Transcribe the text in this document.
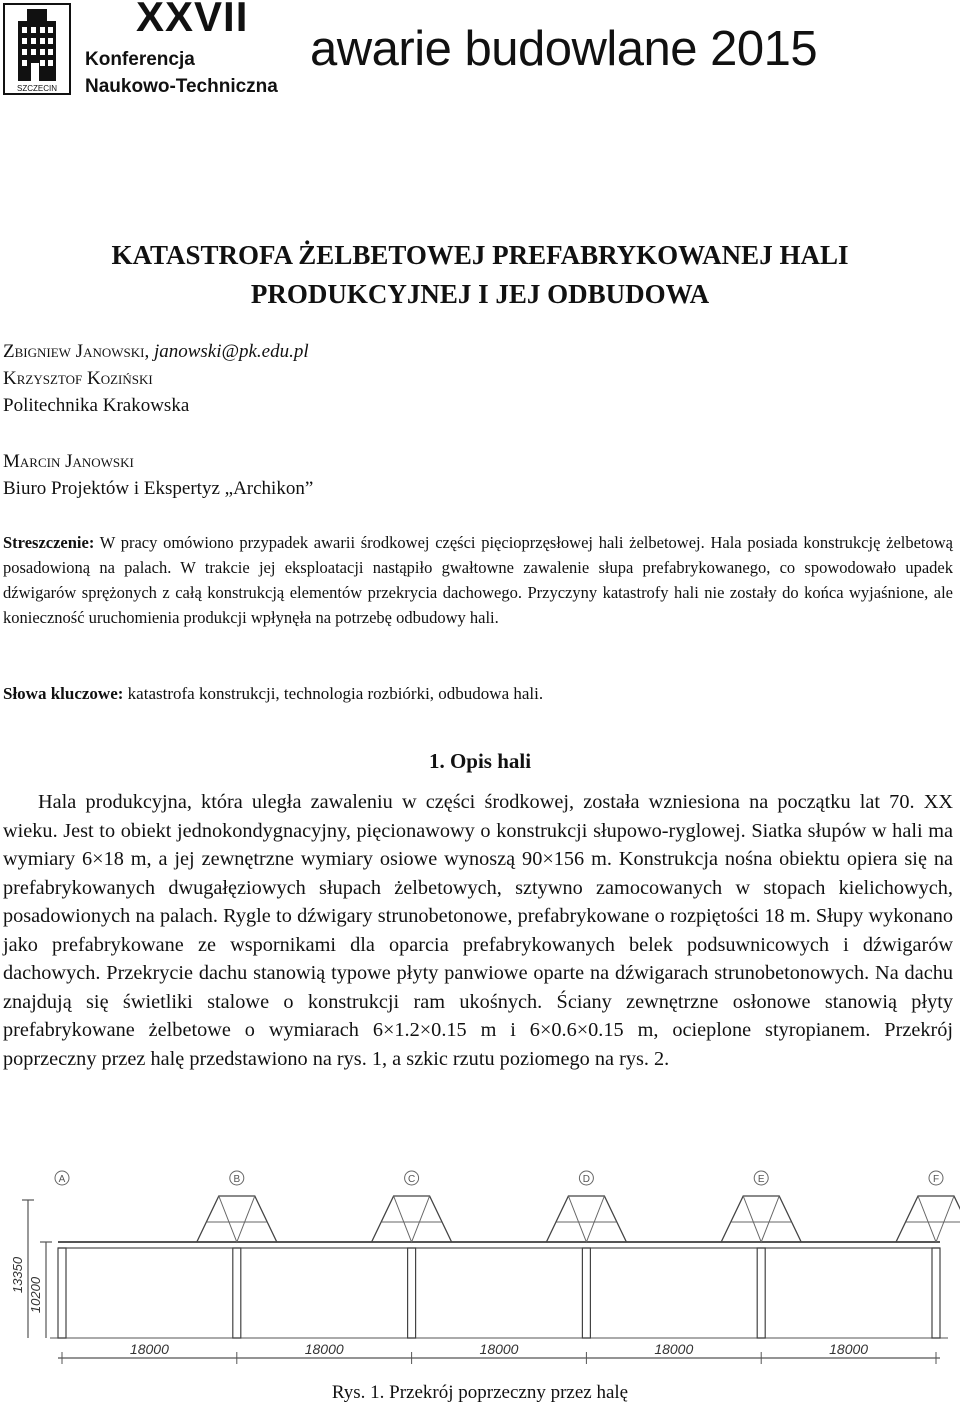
SZCZECIN
XXVII
Konferencja
Naukowo-Techniczna
awarie budowlane 2015
KATASTROFA ŻELBETOWEJ PREFABRYKOWANEJ HALI
PRODUKCYJNEJ I JEJ ODBUDOWA
Zbigniew Janowski, janowski@pk.edu.pl
Krzysztof Koziński
Politechnika Krakowska
Marcin Janowski
Biuro Projektów i Ekspertyz „Archikon”
Streszczenie: W pracy omówiono przypadek awarii środkowej części pięcioprzęsłowej hali żelbetowej. Hala posiada konstrukcję żelbetową posadowioną na palach. W trakcie jej eksploatacji nastąpiło gwałtowne zawalenie słupa prefabrykowanego, co spowodowało upadek dźwigarów sprężonych z całą konstrukcją elementów przekrycia dachowego. Przyczyny katastrofy hali nie zostały do końca wyjaśnione, ale konieczność uruchomienia produkcji wpłynęła na potrzebę odbudowy hali.
Słowa kluczowe: katastrofa konstrukcji, technologia rozbiórki, odbudowa hali.
1. Opis hali
Hala produkcyjna, która uległa zawaleniu w części środkowej, została wzniesiona na początku lat 70. XX wieku. Jest to obiekt jednokondygnacyjny, pięcionawowy o konstrukcji słupowo-ryglowej. Siatka słupów w hali ma wymiary 6×18 m, a jej zewnętrzne wymiary osiowe wynoszą 90×156 m. Konstrukcja nośna obiektu opiera się na prefabrykowanych dwugałęziowych słupach żelbetowych, sztywno zamocowanych w stopach kielichowych, posadowionych na palach. Rygle to dźwigary strunobetonowe, prefabrykowane o rozpiętości 18 m. Słupy wykonano jako prefabrykowane ze wspornikami dla oparcia prefabrykowanych belek podsuwnicowych i dźwigarów dachowych. Przekrycie dachu stanowią typowe płyty panwiowe oparte na dźwigarach strunobetonowych. Na dachu znajdują się świetliki stalowe o konstrukcji ram ukośnych. Ściany zewnętrzne osłonowe stanowią płyty prefabrykowane żelbetowe o wymiarach 6×1.2×0.15 m i 6×0.6×0.15 m, ocieplone styropianem. Przekrój poprzeczny przez halę przedstawiono na rys. 1, a szkic rzutu poziomego na rys. 2.
A	B	C	D	E	F
18000	18000	18000	18000	18000
13350
10200
Rys. 1. Przekrój poprzeczny przez halę
